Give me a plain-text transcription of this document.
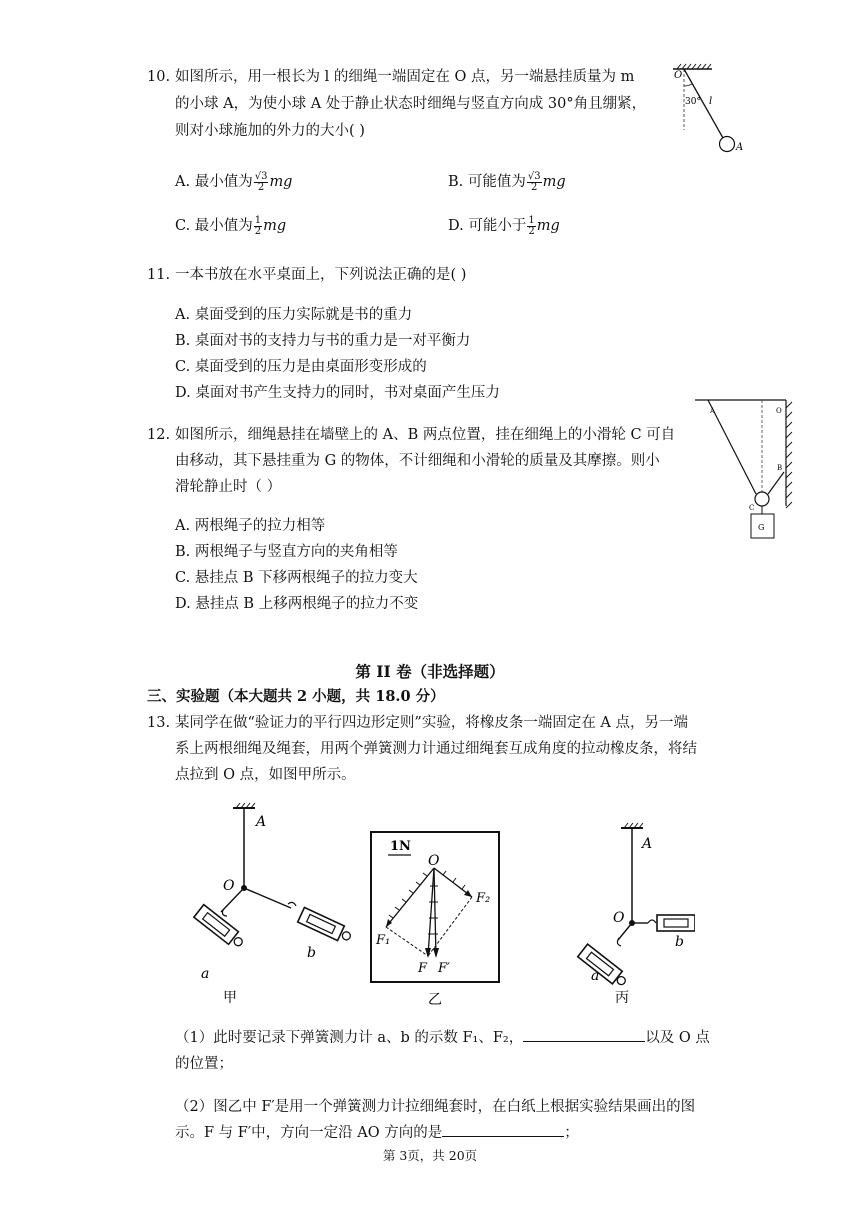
10. 如图所示，用一根长为 l 的细绳一端固定在 O 点，另一端悬挂质量为 m
的小球 A，为使小球 A 处于静止状态时细绳与竖直方向成 30°角且绷紧，
则对小球施加的外力的大小( )
A. 最小值为 $\frac{√3}{2}$ mg	B. 可能值为 $\frac{√3}{2}$ mg
C. 最小值为 $\frac{1}{2}$ mg	D. 可能小于 $\frac{1}{2}$ mg
O
30° l
A
11. 一本书放在水平桌面上，下列说法正确的是( )
A. 桌面受到的压力实际就是书的重力
B. 桌面对书的支持力与书的重力是一对平衡力
C. 桌面受到的压力是由桌面形变形成的
D. 桌面对书产生支持力的同时，书对桌面产生压力
12. 如图所示，细绳悬挂在墙壁上的 A、B 两点位置，挂在细绳上的小滑轮 C 可自
由移动，其下悬挂重为 G 的物体，不计细绳和小滑轮的质量及其摩擦。则小
滑轮静止时（ ）
A. 两根绳子的拉力相等
B. 两根绳子与竖直方向的夹角相等
C. 悬挂点 B 下移两根绳子的拉力变大
D. 悬挂点 B 上移两根绳子的拉力不变
A	O
B
C
G
第 II 卷（非选择题）
三、实验题（本大题共 2 小题，共 18.0 分）
13. 某同学在做“验证力的平行四边形定则”实验，将橡皮条一端固定在 A 点，另一端
系上两根细绳及绳套，用两个弹簧测力计通过细绳套互成角度的拉动橡皮条，将结
点拉到 O 点，如图甲所示。
A
O
a
b
甲
1N
O
F₂
F₁
F F′
乙
A
O
b
a
丙
（1）此时要记录下弹簧测力计 a、b 的示数 F₁、F₂，	以及 O 点
的位置；
（2）图乙中 F′是用一个弹簧测力计拉细绳套时，在白纸上根据实验结果画出的图
示。F 与 F′中，方向一定沿 AO 方向的是	；
第 3页，共 20页
